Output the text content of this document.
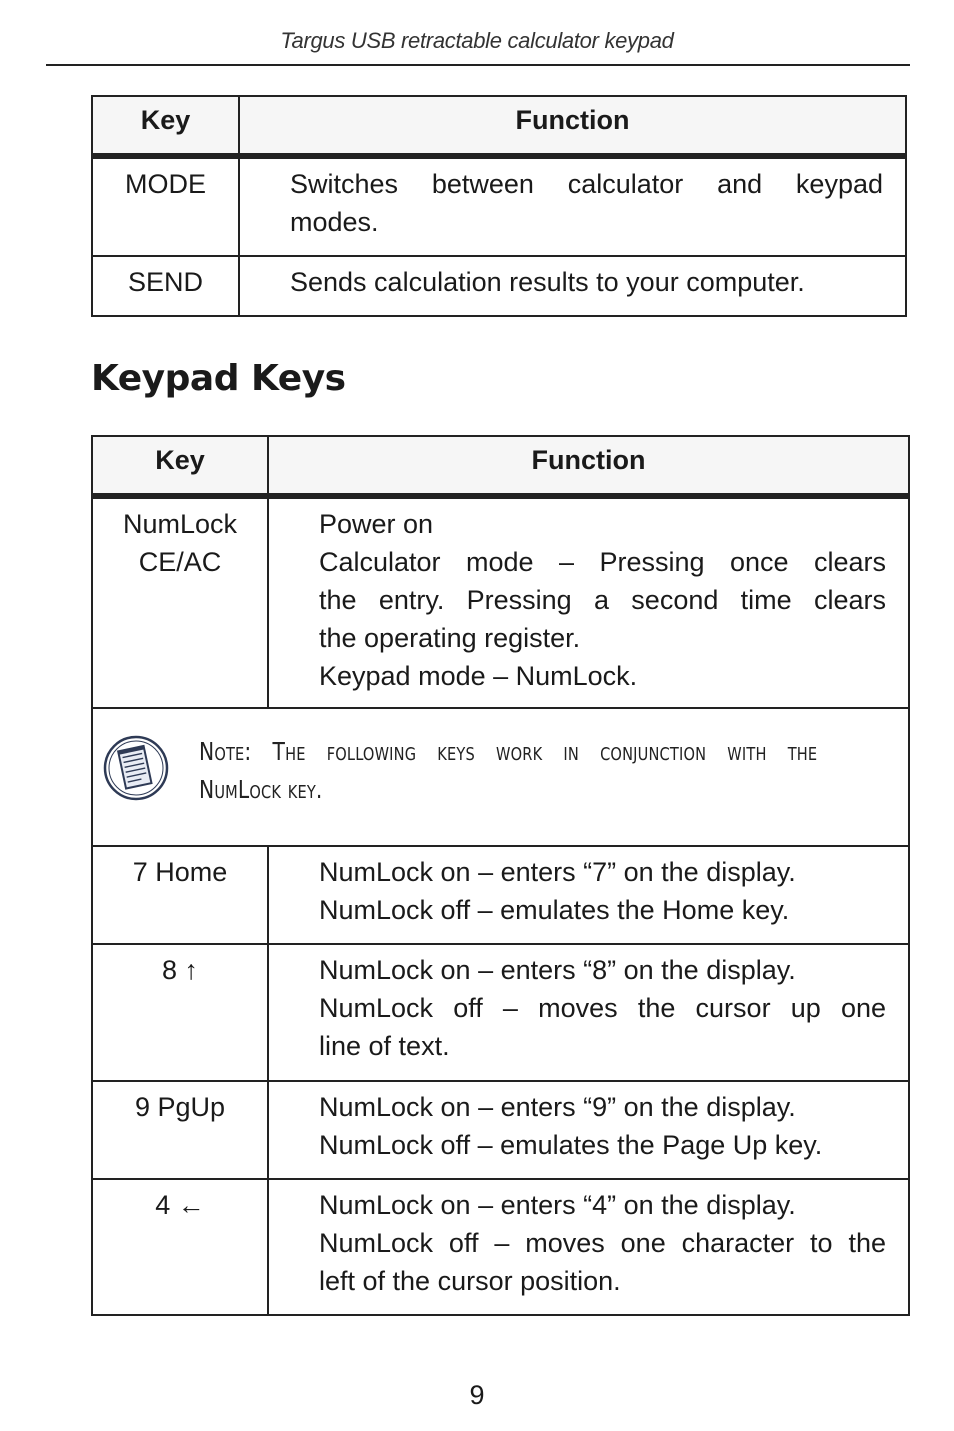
Targus USB retractable calculator keypad
Key	Function
MODE	Switches between calculator and keypad
modes.

SEND	Sends calculation results to your computer.
Keypad Keys
Key	Function
NumLock CE/AC	Power on
Calculator mode – Pressing once clears
the entry. Pressing a second time clears
the operating register.
Keypad mode – NumLock.

Note: The following keys work in conjunction with the
NumLock key.	

7 Home	NumLock on – enters “7” on the display.
NumLock off – emulates the Home key.

8 ↑	NumLock on – enters “8” on the display.
NumLock off – moves the cursor up one
line of text.

9 PgUp	NumLock on – enters “9” on the display.
NumLock off – emulates the Page Up key.

4 ←	NumLock on – enters “4” on the display.
NumLock off – moves one character to the
left of the cursor position.
9
